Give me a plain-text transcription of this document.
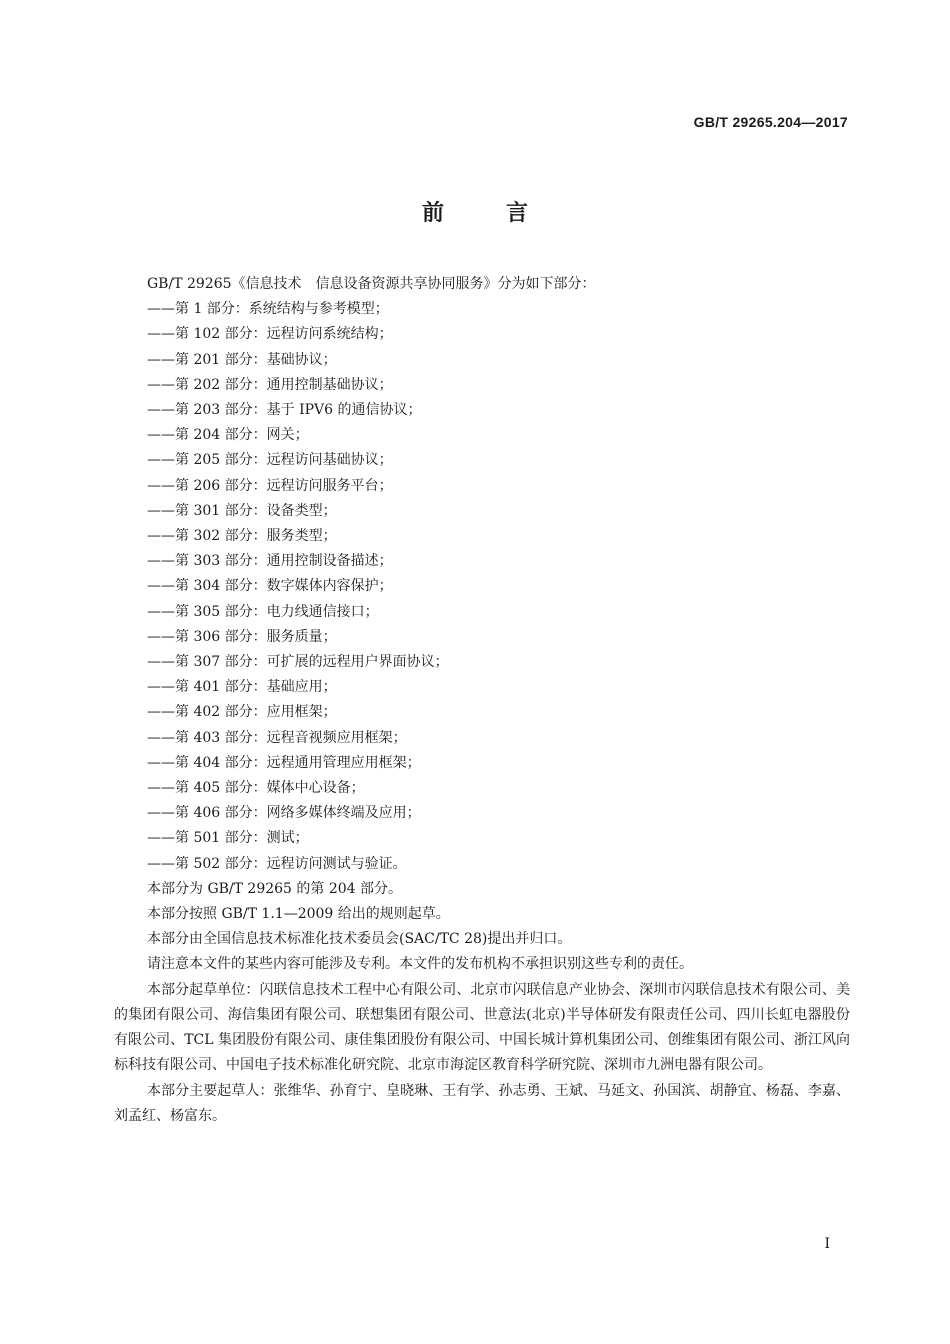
GB/T 29265.204—2017
前言

GB/T 29265《信息技术　信息设备资源共享协同服务》分为如下部分：

——第 1 部分：系统结构与参考模型；
——第 102 部分：远程访问系统结构；
——第 201 部分：基础协议；
——第 202 部分：通用控制基础协议；
——第 203 部分：基于 IPV6 的通信协议；
——第 204 部分：网关；
——第 205 部分：远程访问基础协议；
——第 206 部分：远程访问服务平台；
——第 301 部分：设备类型；
——第 302 部分：服务类型；
——第 303 部分：通用控制设备描述；
——第 304 部分：数字媒体内容保护；
——第 305 部分：电力线通信接口；
——第 306 部分：服务质量；
——第 307 部分：可扩展的远程用户界面协议；
——第 401 部分：基础应用；
——第 402 部分：应用框架；
——第 403 部分：远程音视频应用框架；
——第 404 部分：远程通用管理应用框架；
——第 405 部分：媒体中心设备；
——第 406 部分：网络多媒体终端及应用；
——第 501 部分：测试；
——第 502 部分：远程访问测试与验证。

本部分为 GB/T 29265 的第 204 部分。

本部分按照 GB/T 1.1—2009 给出的规则起草。

本部分由全国信息技术标准化技术委员会(SAC/TC 28)提出并归口。

请注意本文件的某些内容可能涉及专利。本文件的发布机构不承担识别这些专利的责任。

本部分起草单位：闪联信息技术工程中心有限公司、北京市闪联信息产业协会、深圳市闪联信息技术有限公司、美的集团有限公司、海信集团有限公司、联想集团有限公司、世意法(北京)半导体研发有限责任公司、四川长虹电器股份有限公司、TCL 集团股份有限公司、康佳集团股份有限公司、中国长城计算机集团公司、创维集团有限公司、浙江风向标科技有限公司、中国电子技术标准化研究院、北京市海淀区教育科学研究院、深圳市九洲电器有限公司。

本部分主要起草人：张维华、孙育宁、皇晓琳、王有学、孙志勇、王斌、马延文、孙国滨、胡静宜、杨磊、李嘉、刘孟红、杨富东。

I
